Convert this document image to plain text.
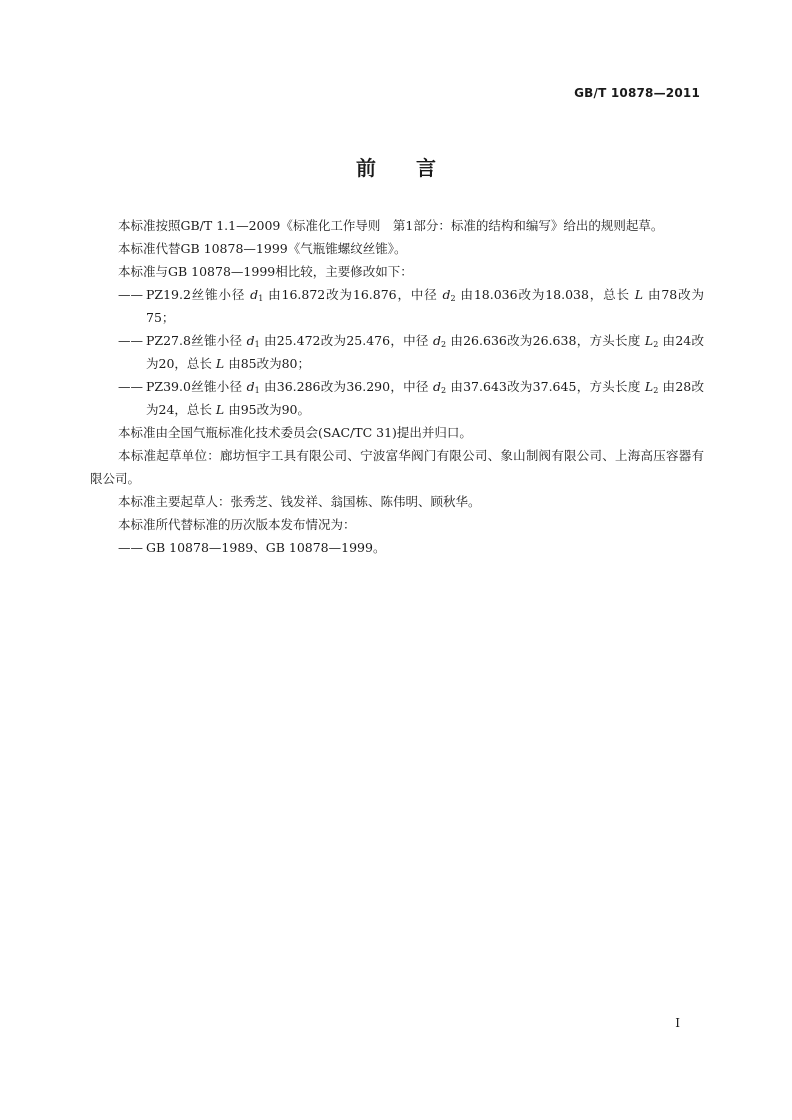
GB/T 10878—2011
前言

本标准按照GB/T 1.1—2009《标准化工作导则　第1部分：标准的结构和编写》给出的规则起草。

本标准代替GB 10878—1999《气瓶锥螺纹丝锥》。

本标准与GB 10878—1999相比较，主要修改如下：

—— PZ19.2丝锥小径 $d_1$ 由16.872改为16.876，中径 $d_2$ 由18.036改为18.038，总长 L 由78改为75；

—— PZ27.8丝锥小径 $d_1$ 由25.472改为25.476，中径 $d_2$ 由26.636改为26.638，方头长度 $L_2$ 由24改为20，总长 L 由85改为80；

—— PZ39.0丝锥小径 $d_1$ 由36.286改为36.290，中径 $d_2$ 由37.643改为37.645，方头长度 $L_2$ 由28改为24，总长 L 由95改为90。

本标准由全国气瓶标准化技术委员会(SAC/TC 31)提出并归口。

本标准起草单位：廊坊恒宇工具有限公司、宁波富华阀门有限公司、象山制阀有限公司、上海高压容器有限公司。

本标准主要起草人：张秀芝、钱发祥、翁国栋、陈伟明、顾秋华。

本标准所代替标准的历次版本发布情况为：

—— GB 10878—1989、GB 10878—1999。

I
